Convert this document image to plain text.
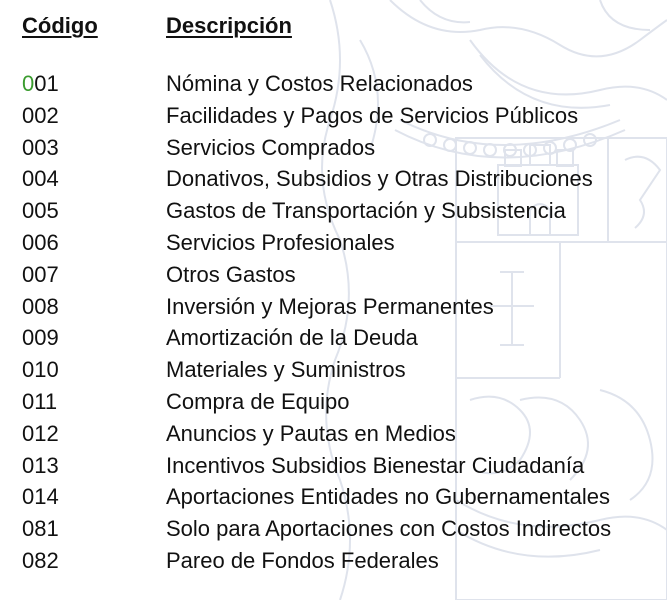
Código	Descripción
001	Nómina y Costos Relacionados
002	Facilidades y Pagos de Servicios Públicos
003	Servicios Comprados
004	Donativos, Subsidios y Otras Distribuciones
005	Gastos de Transportación y Subsistencia
006	Servicios Profesionales
007	Otros Gastos
008	Inversión y Mejoras Permanentes
009	Amortización de la Deuda
010	Materiales y Suministros
011	Compra de Equipo
012	Anuncios y Pautas en Medios
013	Incentivos Subsidios Bienestar Ciudadanía
014	Aportaciones Entidades no Gubernamentales
081	Solo para Aportaciones con Costos Indirectos
082	Pareo de Fondos Federales
